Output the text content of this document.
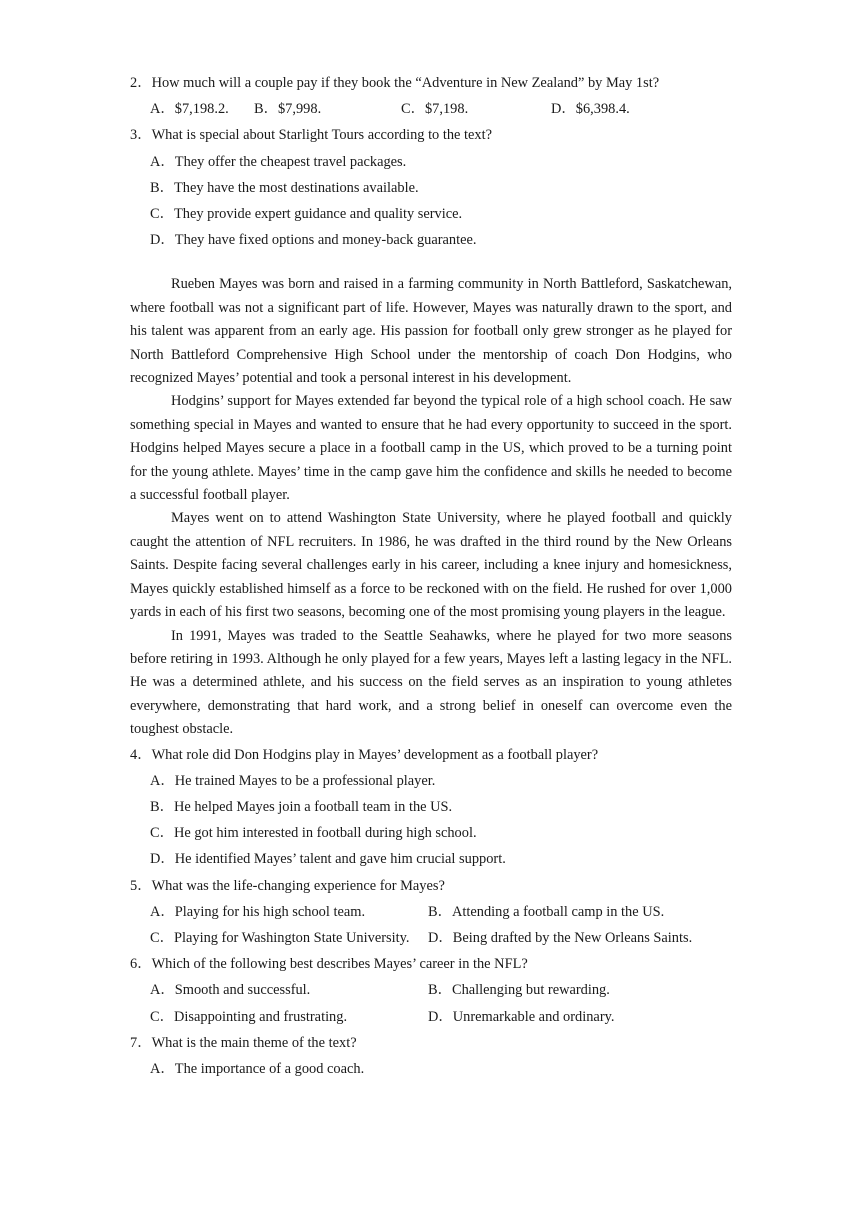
2．How much will a couple pay if they book the “Adventure in New Zealand” by May 1st?
A．$7,198.2.	B．$7,998.	C．$7,198.	D．$6,398.4.
3．What is special about Starlight Tours according to the text?
A．They offer the cheapest travel packages.
B．They have the most destinations available.
C．They provide expert guidance and quality service.
D．They have fixed options and money-back guarantee.

Rueben Mayes was born and raised in a farming community in North Battleford, Saskatchewan, where football was not a significant part of life. However, Mayes was naturally drawn to the sport, and his talent was apparent from an early age. His passion for football only grew stronger as he played for North Battleford Comprehensive High School under the mentorship of coach Don Hodgins, who recognized Mayes’ potential and took a personal interest in his development.

Hodgins’ support for Mayes extended far beyond the typical role of a high school coach. He saw something special in Mayes and wanted to ensure that he had every opportunity to succeed in the sport. Hodgins helped Mayes secure a place in a football camp in the US, which proved to be a turning point for the young athlete. Mayes’ time in the camp gave him the confidence and skills he needed to become a successful football player.

Mayes went on to attend Washington State University, where he played football and quickly caught the attention of NFL recruiters. In 1986, he was drafted in the third round by the New Orleans Saints. Despite facing several challenges early in his career, including a knee injury and homesickness, Mayes quickly established himself as a force to be reckoned with on the field. He rushed for over 1,000 yards in each of his first two seasons, becoming one of the most promising young players in the league.

In 1991, Mayes was traded to the Seattle Seahawks, where he played for two more seasons before retiring in 1993. Although he only played for a few years, Mayes left a lasting legacy in the NFL. He was a determined athlete, and his success on the field serves as an inspiration to young athletes everywhere, demonstrating that hard work, and a strong belief in oneself can overcome even the toughest obstacle.

4．What role did Don Hodgins play in Mayes’ development as a football player?
A．He trained Mayes to be a professional player.
B．He helped Mayes join a football team in the US.
C．He got him interested in football during high school.
D．He identified Mayes’ talent and gave him crucial support.
5．What was the life-changing experience for Mayes?
A．Playing for his high school team.	B．Attending a football camp in the US.
C．Playing for Washington State University.	D．Being drafted by the New Orleans Saints.
6．Which of the following best describes Mayes’ career in the NFL?
A．Smooth and successful.	B．Challenging but rewarding.
C．Disappointing and frustrating.	D．Unremarkable and ordinary.
7．What is the main theme of the text?
A．The importance of a good coach.
